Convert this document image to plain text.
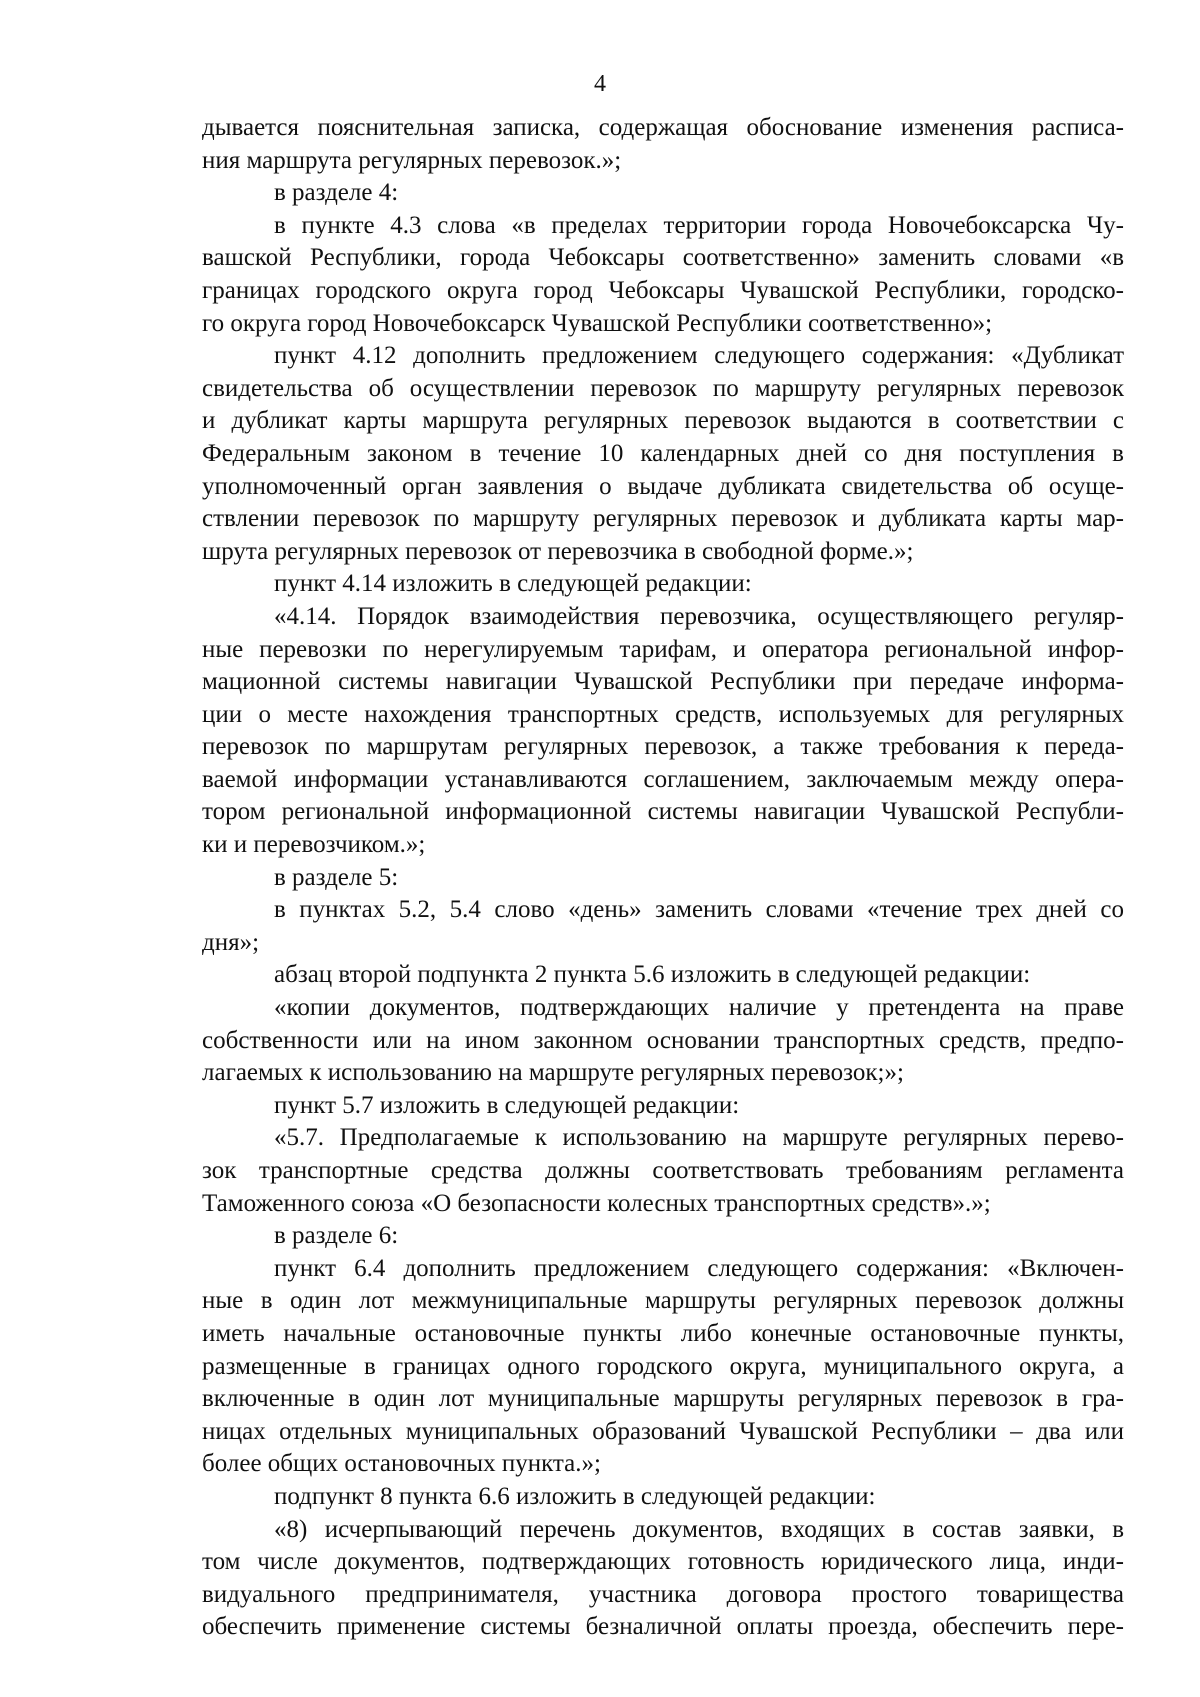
4
дывается пояснительная записка, содержащая обоснование изменения расписа-
ния маршрута регулярных перевозок.»;
в разделе 4:
в пункте 4.3 слова «в пределах территории города Новочебоксарска Чу-
вашской Республики, города Чебоксары соответственно» заменить словами «в
границах городского округа город Чебоксары Чувашской Республики, городско-
го округа город Новочебоксарск Чувашской Республики соответственно»;
пункт 4.12 дополнить предложением следующего содержания: «Дубликат
свидетельства об осуществлении перевозок по маршруту регулярных перевозок
и дубликат карты маршрута регулярных перевозок выдаются в соответствии с
Федеральным законом в течение 10 календарных дней со дня поступления в
уполномоченный орган заявления о выдаче дубликата свидетельства об осуще-
ствлении перевозок по маршруту регулярных перевозок и дубликата карты мар-
шрута регулярных перевозок от перевозчика в свободной форме.»;
пункт 4.14 изложить в следующей редакции:
«4.14. Порядок взаимодействия перевозчика, осуществляющего регуляр-
ные перевозки по нерегулируемым тарифам, и оператора региональной инфор-
мационной системы навигации Чувашской Республики при передаче информа-
ции о месте нахождения транспортных средств, используемых для регулярных
перевозок по маршрутам регулярных перевозок, а также требования к переда-
ваемой информации устанавливаются соглашением, заключаемым между опера-
тором региональной информационной системы навигации Чувашской Республи-
ки и перевозчиком.»;
в разделе 5:
в пунктах 5.2, 5.4 слово «день» заменить словами «течение трех дней со
дня»;
абзац второй подпункта 2 пункта 5.6 изложить в следующей редакции:
«копии документов, подтверждающих наличие у претендента на праве
собственности или на ином законном основании транспортных средств, предпо-
лагаемых к использованию на маршруте регулярных перевозок;»;
пункт 5.7 изложить в следующей редакции:
«5.7. Предполагаемые к использованию на маршруте регулярных перево-
зок транспортные средства должны соответствовать требованиям регламента
Таможенного союза «О безопасности колесных транспортных средств».»;
в разделе 6:
пункт 6.4 дополнить предложением следующего содержания: «Включен-
ные в один лот межмуниципальные маршруты регулярных перевозок должны
иметь начальные остановочные пункты либо конечные остановочные пункты,
размещенные в границах одного городского округа, муниципального округа, а
включенные в один лот муниципальные маршруты регулярных перевозок в гра-
ницах отдельных муниципальных образований Чувашской Республики – два или
более общих остановочных пункта.»;
подпункт 8 пункта 6.6 изложить в следующей редакции:
«8) исчерпывающий перечень документов, входящих в состав заявки, в
том числе документов, подтверждающих готовность юридического лица, инди-
видуального предпринимателя, участника договора простого товарищества
обеспечить применение системы безналичной оплаты проезда, обеспечить пере-
